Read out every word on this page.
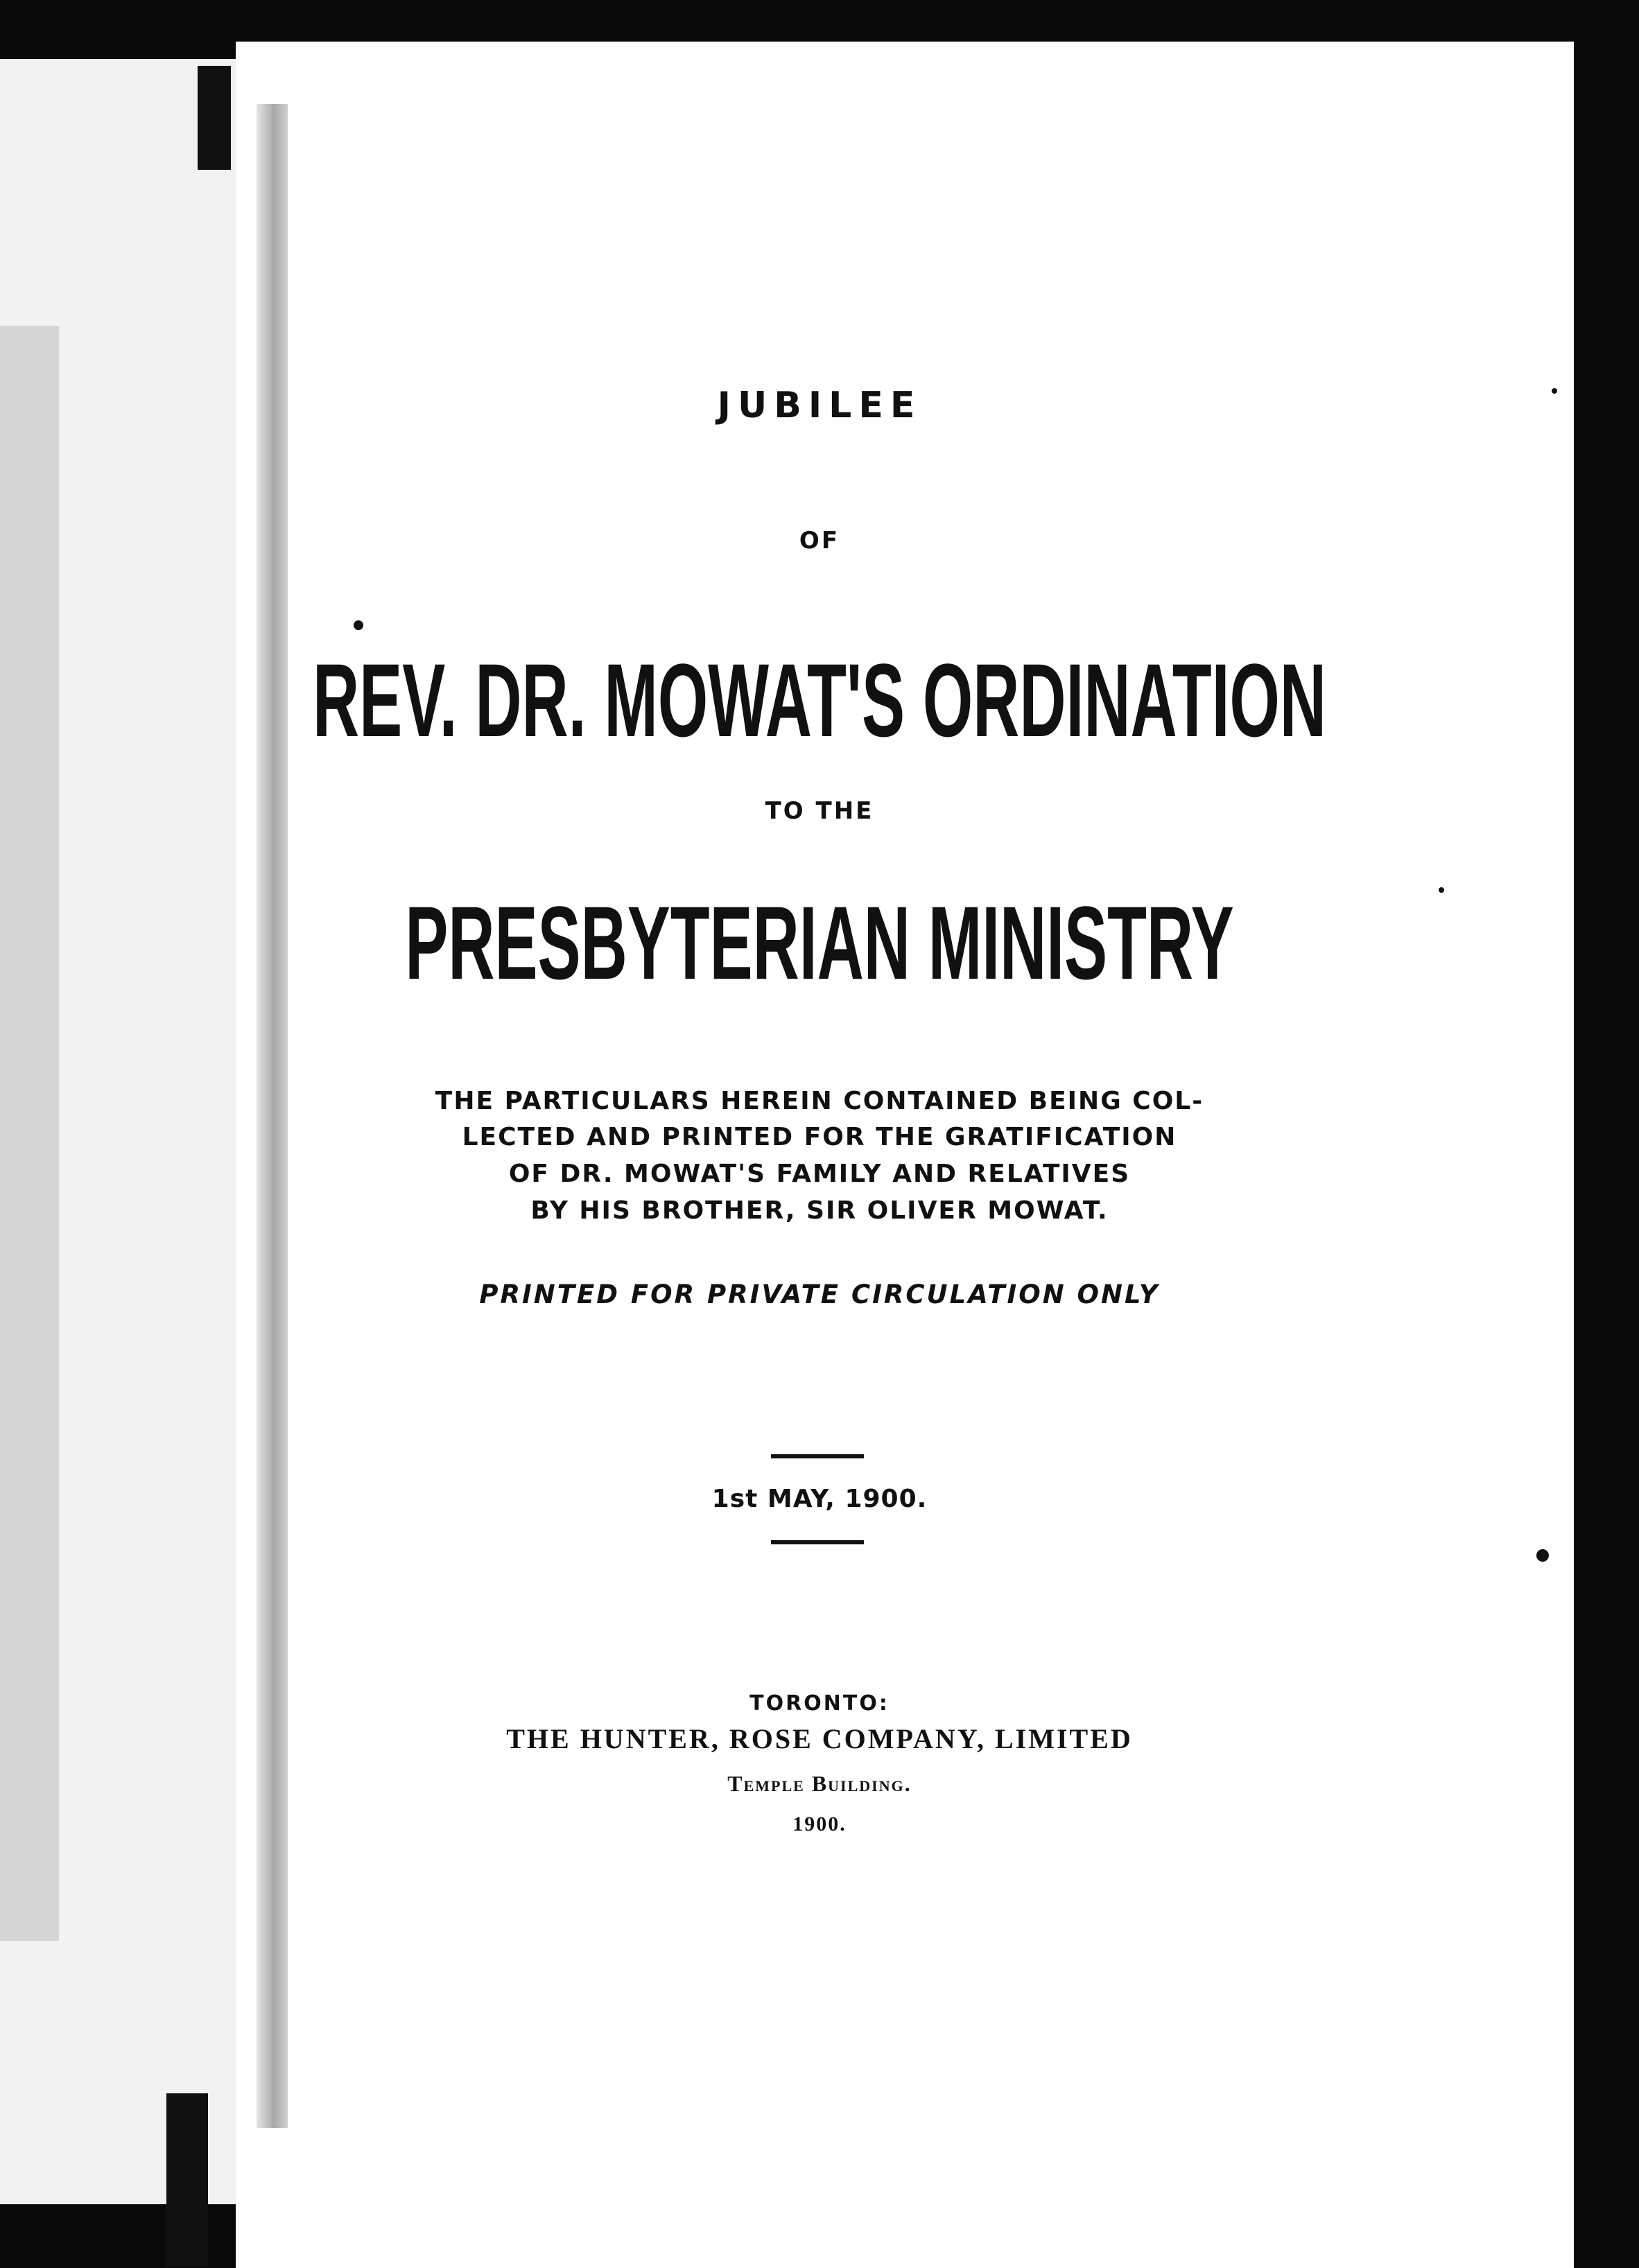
JUBILEE
OF
REV. DR. MOWAT'S ORDINATION
TO THE
PRESBYTERIAN MINISTRY
THE PARTICULARS HEREIN CONTAINED BEING COL-
LECTED AND PRINTED FOR THE GRATIFICATION
OF DR. MOWAT'S FAMILY AND RELATIVES
BY HIS BROTHER, SIR OLIVER MOWAT.
PRINTED FOR PRIVATE CIRCULATION ONLY
1st MAY, 1900.
TORONTO:
THE HUNTER, ROSE COMPANY, LIMITED
Temple Building.
1900.
